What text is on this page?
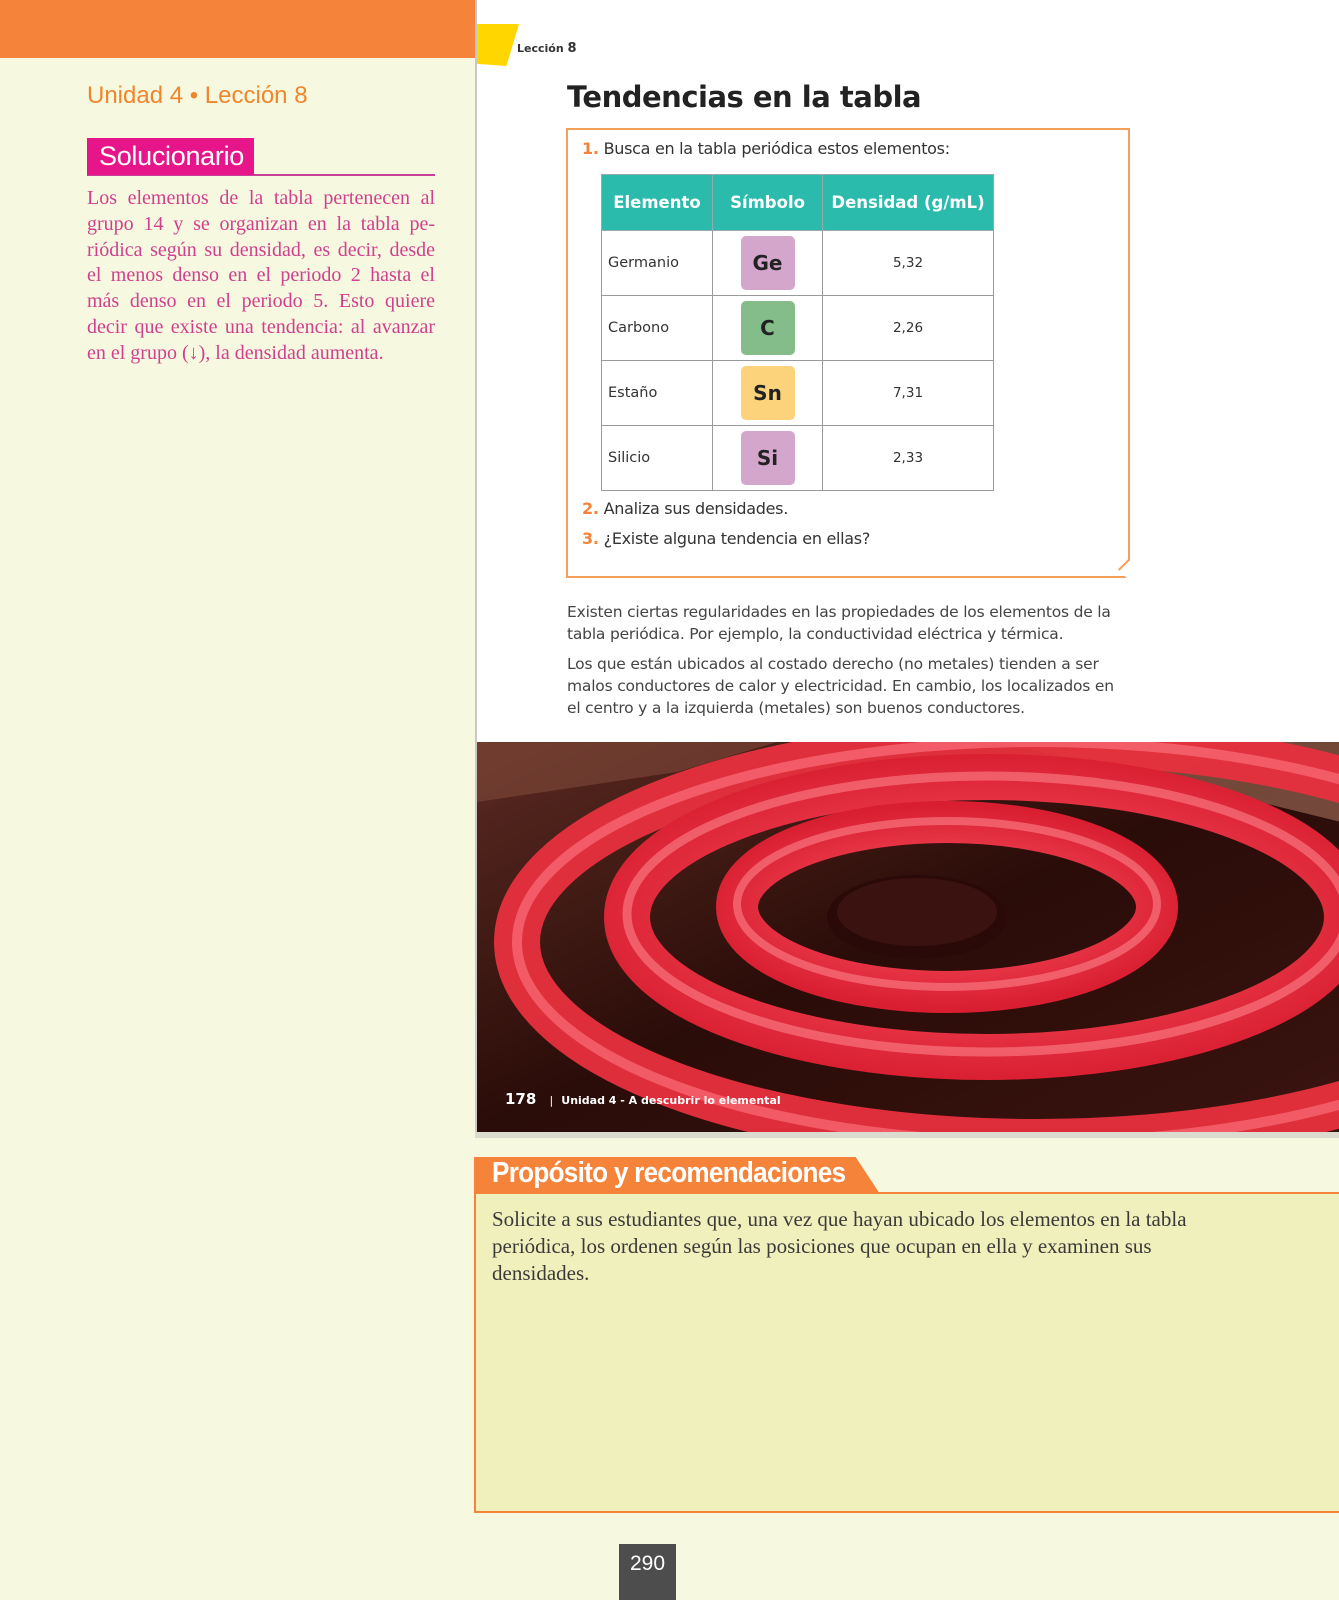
Unidad 4 • Lección 8
Solucionario

Los elementos de la tabla pertenecen al grupo 14 y se organizan en la tabla periódica según su densidad, es decir, desde el menos denso en el periodo 2 hasta el más denso en el periodo 5. Esto quiere decir que existe una tendencia: al avanzar en el grupo (↓), la densidad aumenta.

Lección 8
Tendencias en la tabla
1. Busca en la tabla periódica estos elementos:
Elemento	Símbolo	Densidad (g/mL)
Germanio	Ge	5,32
Carbono	C	2,26
Estaño	Sn	7,31
Silicio	Si	2,33
2. Analiza sus densidades.
3. ¿Existe alguna tendencia en ellas?

Existen ciertas regularidades en las propiedades de los elementos de la tabla periódica. Por ejemplo, la conductividad eléctrica y térmica.

Los que están ubicados al costado derecho (no metales) tienden a ser malos conductores de calor y electricidad. En cambio, los localizados en el centro y a la izquierda (metales) son buenos conductores.

178 | Unidad 4 - A descubrir lo elemental
Propósito y recomendaciones

Solicite a sus estudiantes que, una vez que hayan ubicado los elementos en la tabla periódica, los ordenen según las posiciones que ocupan en ella y examinen sus densidades.

290
